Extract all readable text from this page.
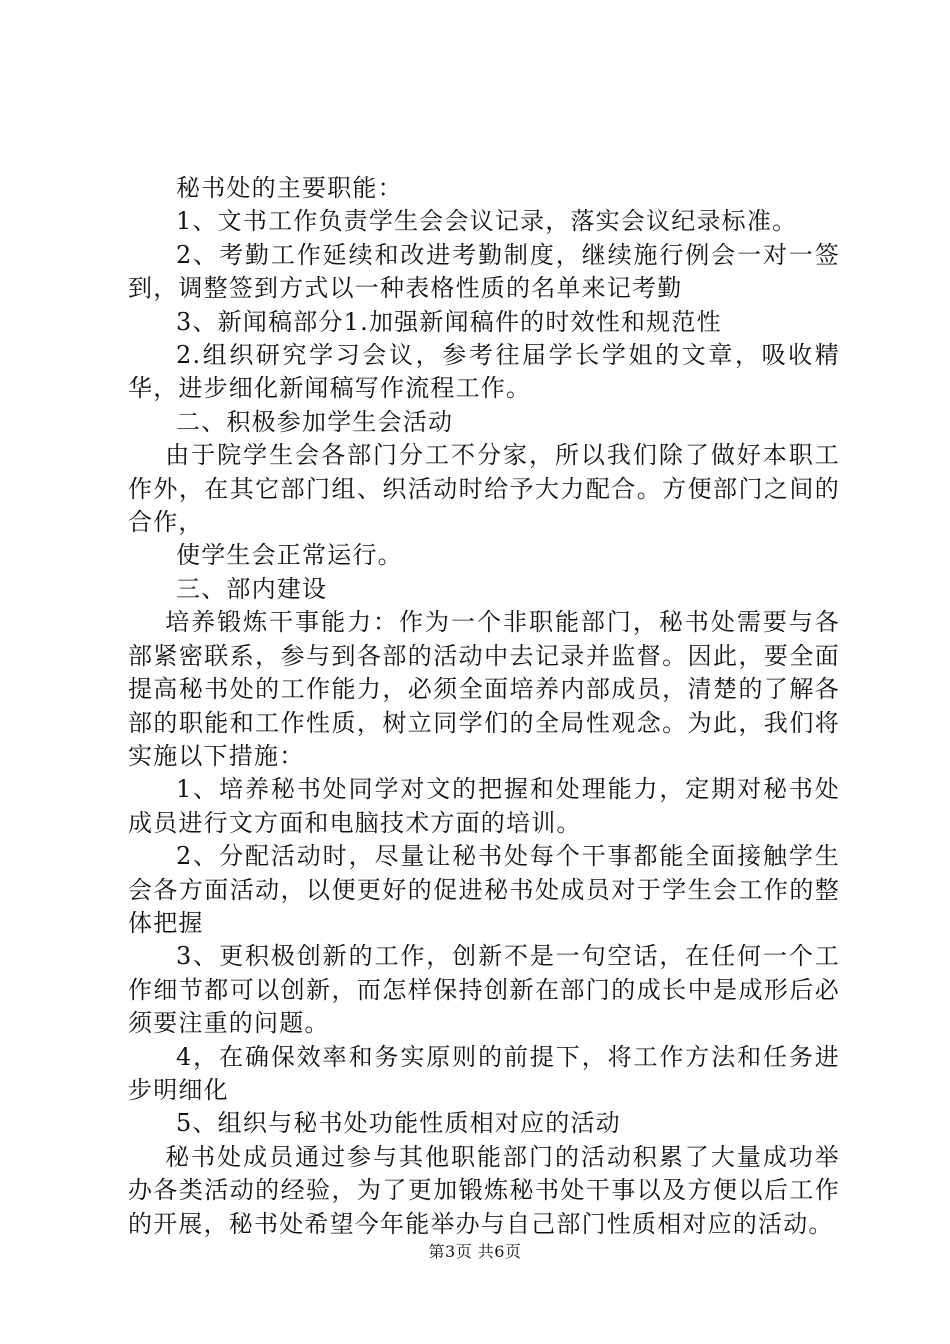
秘书处的主要职能：

1、文书工作负责学生会会议记录，落实会议纪录标准。

2、考勤工作延续和改进考勤制度，继续施行例会一对一签到，调整签到方式以一种表格性质的名单来记考勤

3、新闻稿部分1.加强新闻稿件的时效性和规范性

2.组织研究学习会议，参考往届学长学姐的文章，吸收精华，进步细化新闻稿写作流程工作。

二、积极参加学生会活动

由于院学生会各部门分工不分家，所以我们除了做好本职工作外，在其它部门组、织活动时给予大力配合。方便部门之间的合作，

使学生会正常运行。

三、部内建设

培养锻炼干事能力：作为一个非职能部门，秘书处需要与各部紧密联系，参与到各部的活动中去记录并监督。因此，要全面提高秘书处的工作能力，必须全面培养内部成员，清楚的了解各部的职能和工作性质，树立同学们的全局性观念。为此，我们将实施以下措施：

1、培养秘书处同学对文的把握和处理能力，定期对秘书处成员进行文方面和电脑技术方面的培训。

2、分配活动时，尽量让秘书处每个干事都能全面接触学生会各方面活动，以便更好的促进秘书处成员对于学生会工作的整体把握

3、更积极创新的工作，创新不是一句空话，在任何一个工作细节都可以创新，而怎样保持创新在部门的成长中是成形后必须要注重的问题。

4，在确保效率和务实原则的前提下，将工作方法和任务进步明细化

5、组织与秘书处功能性质相对应的活动

秘书处成员通过参与其他职能部门的活动积累了大量成功举办各类活动的经验，为了更加锻炼秘书处干事以及方便以后工作的开展，秘书处希望今年能举办与自己部门性质相对应的活动。

第3页 共6页
